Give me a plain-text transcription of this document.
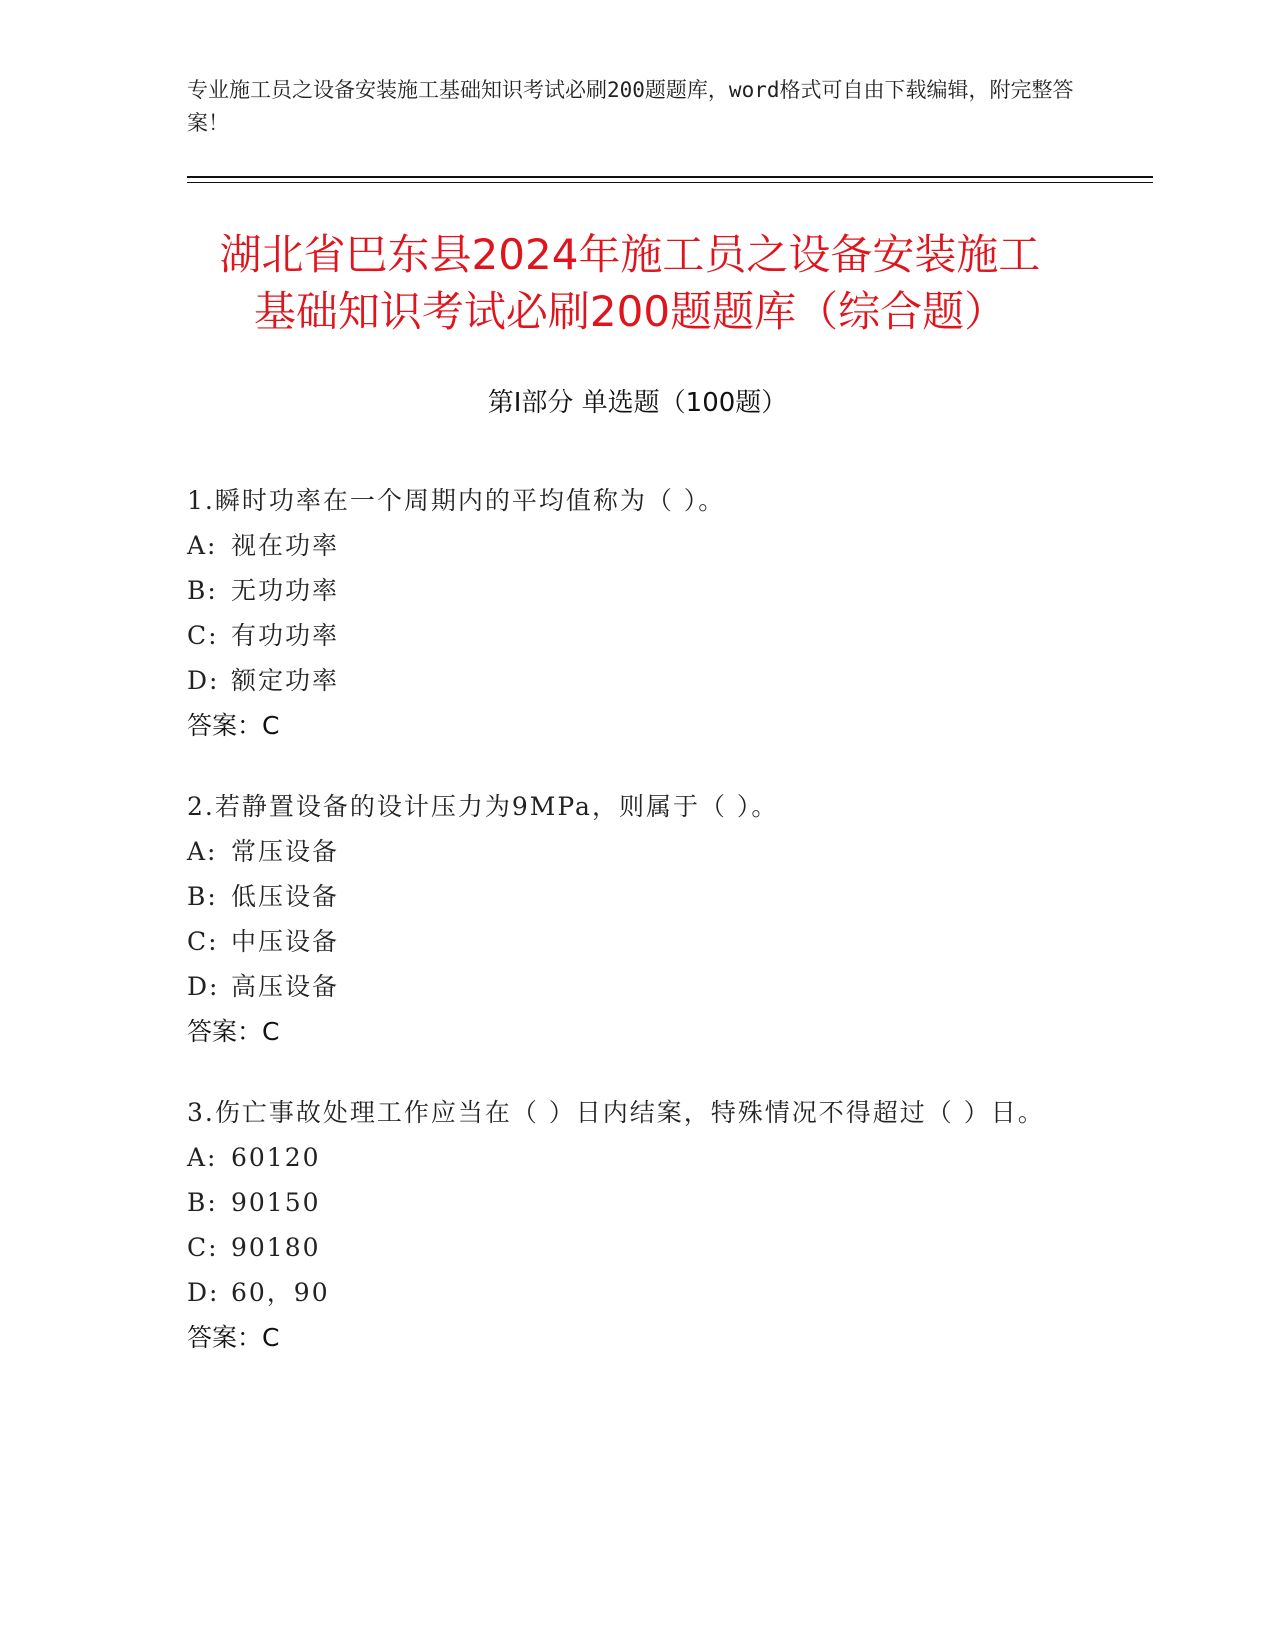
专业施工员之设备安装施工基础知识考试必刷200题题库，word格式可自由下载编辑，附完整答案！
湖北省巴东县2024年施工员之设备安装施工
基础知识考试必刷200题题库（综合题）
第Ⅰ部分 单选题（100题）
1.瞬时功率在一个周期内的平均值称为（ ）。
A: 视在功率
B: 无功功率
C: 有功功率
D: 额定功率
答案：C
2.若静置设备的设计压力为9MPa，则属于（ ）。
A: 常压设备
B: 低压设备
C: 中压设备
D: 高压设备
答案：C
3.伤亡事故处理工作应当在（ ）日内结案，特殊情况不得超过（ ）日。
A: 60120
B: 90150
C: 90180
D: 60，90
答案：C
